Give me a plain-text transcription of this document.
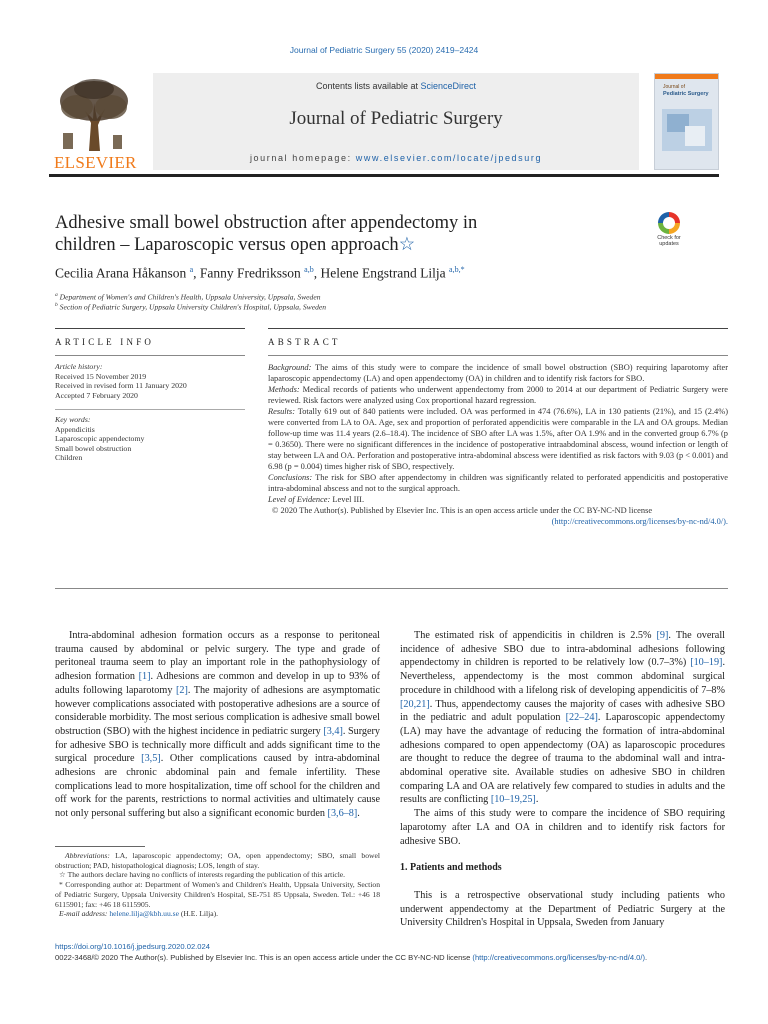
Journal of Pediatric Surgery 55 (2020) 2419–2424
ELSEVIER
Contents lists available at ScienceDirect
Journal of Pediatric Surgery
journal homepage: www.elsevier.com/locate/jpedsurg
Journal of
Pediatric Surgery
Adhesive small bowel obstruction after appendectomy in
children – Laparoscopic versus open approach☆	Check for
updates
Cecilia Arana Håkanson $^a$, Fanny Fredriksson $^{a,b}$, Helene Engstrand Lilja $^{a,b,*}$
$^a$ Department of Women's and Children's Health, Uppsala University, Uppsala, Sweden
$^b$ Section of Pediatric Surgery, Uppsala University Children's Hospital, Uppsala, Sweden
ARTICLE INFO	ABSTRACT
Article history:
Received 15 November 2019
Received in revised form 11 January 2020
Accepted 7 February 2020
Key words:
Appendicitis
Laparoscopic appendectomy
Small bowel obstruction
Children

Background: The aims of this study were to compare the incidence of small bowel obstruction (SBO) requiring laparotomy after laparoscopic appendectomy (LA) and open appendectomy (OA) in children and to identify risk factors for SBO.

Methods: Medical records of patients who underwent appendectomy from 2000 to 2014 at our department of Pediatric Surgery were reviewed. Risk factors were analyzed using Cox proportional hazard regression.

Results: Totally 619 out of 840 patients were included. OA was performed in 474 (76.6%), LA in 130 patients (21%), and 15 (2.4%) were converted from LA to OA. Age, sex and proportion of perforated appendicitis were comparable in the LA and OA groups. Median follow-up time was 11.4 years (2.6–18.4). The incidence of SBO after LA was 1.5%, after OA 1.9% and in the converted group 6.7% (p = 0.3650). There were no significant differences in the incidence of postoperative intraabdominal abscess, wound infection or length of stay between LA and OA. Perforation and postoperative intra-abdominal abscess were identified as risk factors with 9.03 (p < 0.001) and 6.98 (p = 0.004) times higher risk of SBO, respectively.

Conclusions: The risk for SBO after appendectomy in children was significantly related to perforated appendicitis and postoperative intra-abdominal abscess and not to the surgical approach.

Level of Evidence: Level III.

© 2020 The Author(s). Published by Elsevier Inc. This is an open access article under the CC BY-NC-ND license

(http://creativecommons.org/licenses/by-nc-nd/4.0/).

Intra-abdominal adhesion formation occurs as a response to peritoneal trauma caused by abdominal or pelvic surgery. The type and grade of peritoneal trauma seem to play an important role in the pathophysiology of adhesion formation [1]. Adhesions are common and develop in up to 93% of adults following laparotomy [2]. The majority of adhesions are asymptomatic however complications associated with postoperative adhesions are a source of considerable morbidity. The most serious complication is adhesive small bowel obstruction (SBO) with the highest incidence in pediatric surgery [3,4]. Surgery for adhesive SBO is technically more difficult and adds significant time to the surgical procedure [3,5]. Other complications caused by intra-abdominal adhesions are chronic abdominal pain and female infertility. These complications lead to more hospitalization, time off school for the children and off work for the parents, restrictions to normal activities and ultimately cause not only personal suffering but also a significant economic burden [3,6–8].

Abbreviations: LA, laparoscopic appendectomy; OA, open appendectomy; SBO, small bowel obstruction; PAD, histopathological diagnosis; LOS, length of stay.

☆ The authors declare having no conflicts of interests regarding the publication of this article.

* Corresponding author at: Department of Women's and Children's Health, Uppsala University, Section of Pediatric Surgery, Uppsala University Children's Hospital, SE-751 85 Uppsala, Sweden. Tel.: +46 18 6115901; fax: +46 18 6115905.

E-mail address: helene.lilja@kbh.uu.se (H.E. Lilja).

The estimated risk of appendicitis in children is 2.5% [9]. The overall incidence of adhesive SBO due to intra-abdominal adhesions following appendectomy in children is reported to be relatively low (0.7–3%) [10–19]. Nevertheless, appendectomy is the most common abdominal surgical procedure in childhood with a lifelong risk of developing appendicitis of 7–8% [20,21]. Thus, appendectomy causes the majority of cases with adhesive SBO in the pediatric and adult population [22–24]. Laparoscopic appendectomy (LA) may have the advantage of reducing the formation of intra-abdominal adhesions compared to open appendectomy (OA) as laparoscopic procedures are thought to reduce the degree of trauma to the abdominal wall and intra-abdominal operative site. Available studies on adhesive SBO in children comparing LA and OA are relatively few compared to studies in adults and the results are conflicting [10–19,25].

The aims of this study were to compare the incidence of SBO requiring laparotomy after LA and OA in children and to identify risk factors for adhesive SBO.

1. Patients and methods

This is a retrospective observational study including patients who underwent appendectomy at the Department of Pediatric Surgery at the University Children's Hospital in Uppsala, Sweden from January

https://doi.org/10.1016/j.jpedsurg.2020.02.024
0022-3468/© 2020 The Author(s). Published by Elsevier Inc. This is an open access article under the CC BY-NC-ND license (http://creativecommons.org/licenses/by-nc-nd/4.0/).
